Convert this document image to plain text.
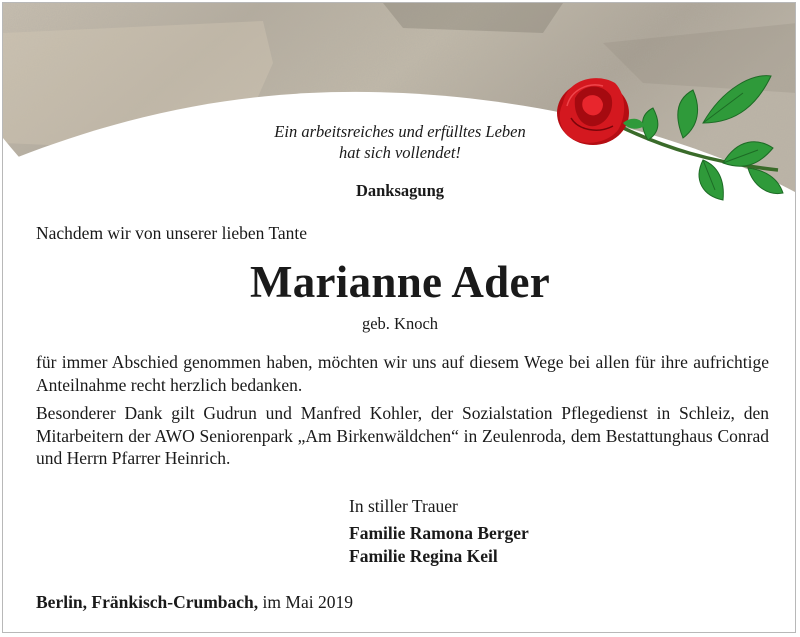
Ein arbeitsreiches und erfülltes Leben
hat sich vollendet!
Danksagung
Nachdem wir von unserer lieben Tante
Marianne Ader
geb. Knoch
für immer Abschied genommen haben, möchten wir uns auf diesem Wege bei allen für ihre aufrichtige Anteilnahme recht herzlich bedanken.
Besonderer Dank gilt Gudrun und Manfred Kohler, der Sozialstation Pflegedienst in Schleiz, den Mitarbeitern der AWO Seniorenpark „Am Birkenwäldchen“ in Zeulenroda, dem Bestattunghaus Conrad und Herrn Pfarrer Heinrich.
In stiller Trauer
Familie Ramona Berger
Familie Regina Keil
Berlin, Fränkisch-Crumbach, im Mai 2019
